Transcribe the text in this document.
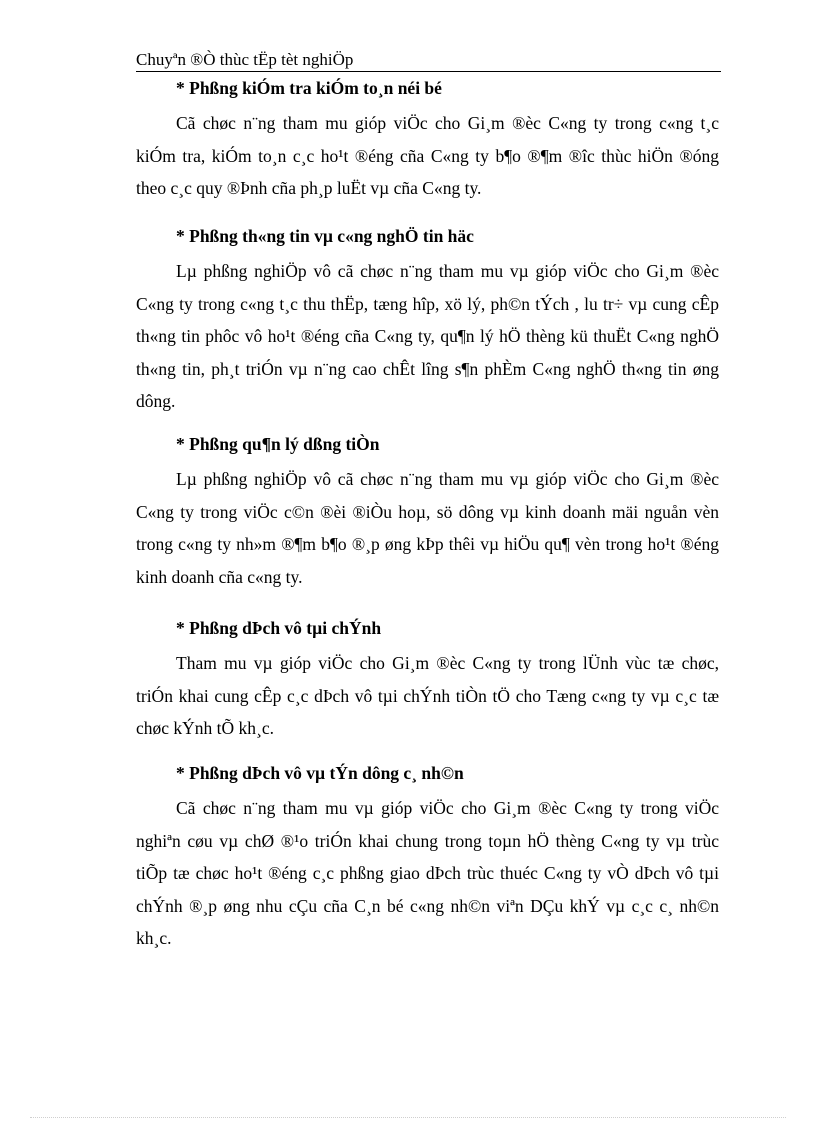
Chuyªn ®Ò thùc tËp tèt nghiÖp

* Phßng kiÓm tra kiÓm to¸n néi bé

Cã chøc n¨ng tham mu gióp viÖc cho Gi¸m ®èc C«ng ty trong c«ng t¸c kiÓm tra, kiÓm to¸n c¸c ho¹t ®éng cña C«ng ty b¶o ®¶m ®îc thùc hiÖn ®óng theo c¸c quy ®Þnh cña ph¸p luËt vµ cña C«ng ty.

* Phßng th«ng tin vµ c«ng nghÖ tin häc

Lµ phßng nghiÖp vô cã chøc n¨ng tham mu vµ gióp viÖc cho Gi¸m ®èc C«ng ty trong c«ng t¸c thu thËp, tæng hîp, xö lý, ph©n tÝch , lu tr÷ vµ cung cÊp th«ng tin phôc vô ho¹t ®éng cña C«ng ty, qu¶n lý hÖ thèng kü thuËt C«ng nghÖ th«ng tin, ph¸t triÓn vµ n¨ng cao chÊt lîng s¶n phÈm C«ng nghÖ th«ng tin øng dông.

* Phßng qu¶n lý dßng tiÒn

Lµ phßng nghiÖp vô cã chøc n¨ng tham mu vµ gióp viÖc cho Gi¸m ®èc C«ng ty trong viÖc c©n ®èi ®iÒu hoµ, sö dông vµ kinh doanh mäi nguån vèn trong c«ng ty nh»m ®¶m b¶o ®¸p øng kÞp thêi vµ hiÖu qu¶ vèn trong ho¹t ®éng kinh doanh cña c«ng ty.

* Phßng dÞch vô tµi chÝnh

Tham mu vµ gióp viÖc cho Gi¸m ®èc C«ng ty trong lÜnh vùc tæ chøc, triÓn khai cung cÊp c¸c dÞch vô tµi chÝnh tiÒn tÖ cho Tæng c«ng ty vµ c¸c tæ chøc kÝnh tÕ kh¸c.

* Phßng dÞch vô vµ tÝn dông c¸ nh©n

Cã chøc n¨ng tham mu vµ gióp viÖc cho Gi¸m ®èc C«ng ty trong viÖc nghiªn cøu vµ chØ ®¹o triÓn khai chung trong toµn hÖ thèng C«ng ty vµ trùc tiÕp tæ chøc ho¹t ®éng c¸c phßng giao dÞch trùc thuéc C«ng ty vÒ dÞch vô tµi chÝnh ®¸p øng nhu cÇu cña C¸n bé c«ng nh©n viªn DÇu khÝ vµ c¸c c¸ nh©n kh¸c.
